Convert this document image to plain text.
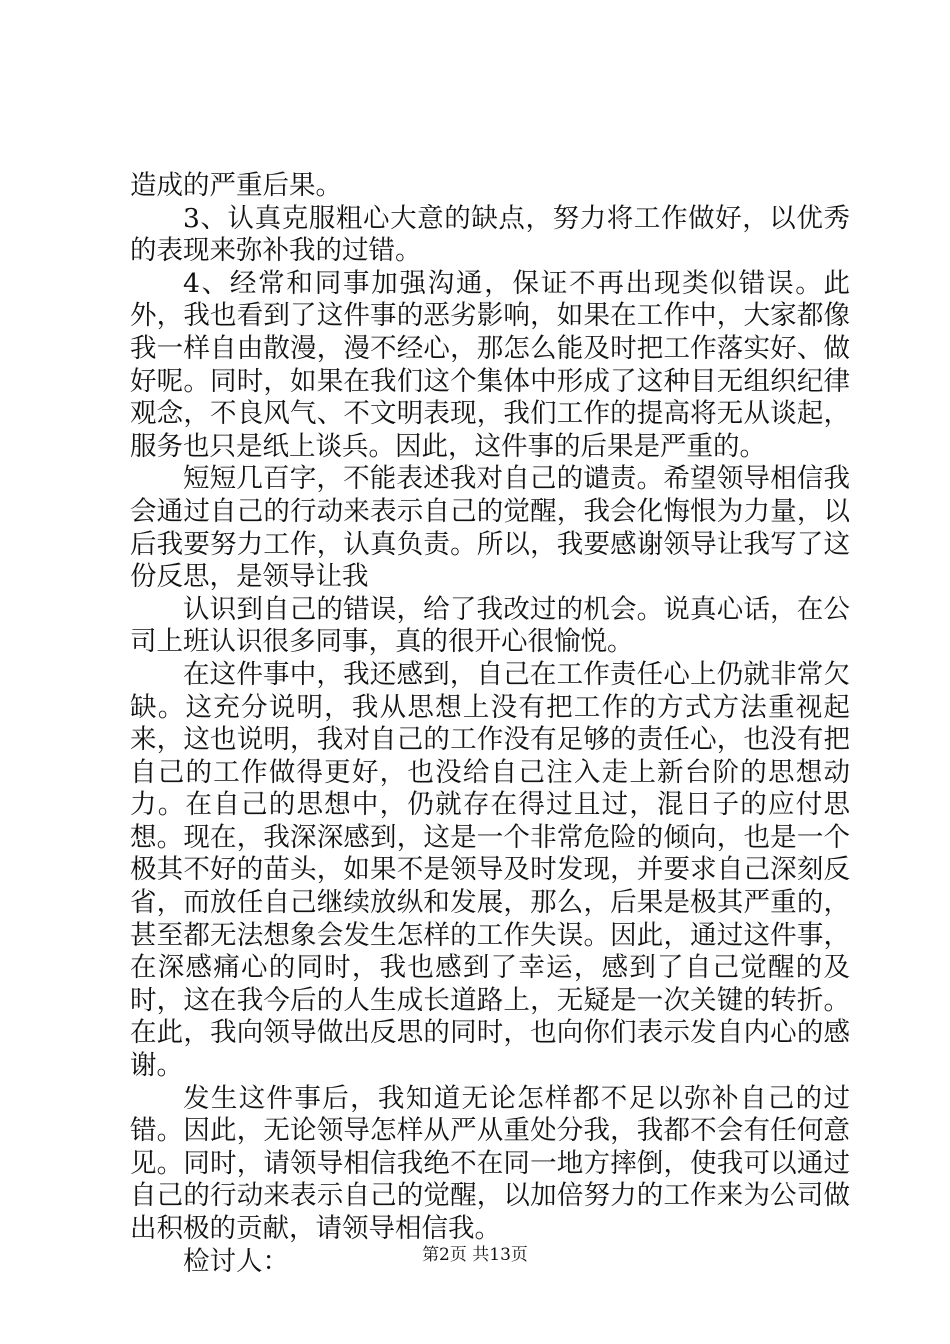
造成的严重后果。

3、认真克服粗心大意的缺点，努力将工作做好，以优秀的表现来弥补我的过错。

4、经常和同事加强沟通，保证不再出现类似错误。此外，我也看到了这件事的恶劣影响，如果在工作中，大家都像我一样自由散漫，漫不经心，那怎么能及时把工作落实好、做好呢。同时，如果在我们这个集体中形成了这种目无组织纪律观念，不良风气、不文明表现，我们工作的提高将无从谈起，服务也只是纸上谈兵。因此，这件事的后果是严重的。

短短几百字，不能表述我对自己的谴责。希望领导相信我会通过自己的行动来表示自己的觉醒，我会化悔恨为力量，以后我要努力工作，认真负责。所以，我要感谢领导让我写了这份反思，是领导让我

认识到自己的错误，给了我改过的机会。说真心话，在公司上班认识很多同事，真的很开心很愉悦。

在这件事中，我还感到，自己在工作责任心上仍就非常欠缺。这充分说明，我从思想上没有把工作的方式方法重视起来，这也说明，我对自己的工作没有足够的责任心，也没有把自己的工作做得更好，也没给自己注入走上新台阶的思想动力。在自己的思想中，仍就存在得过且过，混日子的应付思想。现在，我深深感到，这是一个非常危险的倾向，也是一个极其不好的苗头，如果不是领导及时发现，并要求自己深刻反省，而放任自己继续放纵和发展，那么，后果是极其严重的，甚至都无法想象会发生怎样的工作失误。因此，通过这件事，在深感痛心的同时，我也感到了幸运，感到了自己觉醒的及时，这在我今后的人生成长道路上，无疑是一次关键的转折。在此，我向领导做出反思的同时，也向你们表示发自内心的感谢。

发生这件事后，我知道无论怎样都不足以弥补自己的过错。因此，无论领导怎样从严从重处分我，我都不会有任何意见。同时，请领导相信我绝不在同一地方摔倒，使我可以通过自己的行动来表示自己的觉醒，以加倍努力的工作来为公司做出积极的贡献，请领导相信我。

检讨人：	第2页 共13页
